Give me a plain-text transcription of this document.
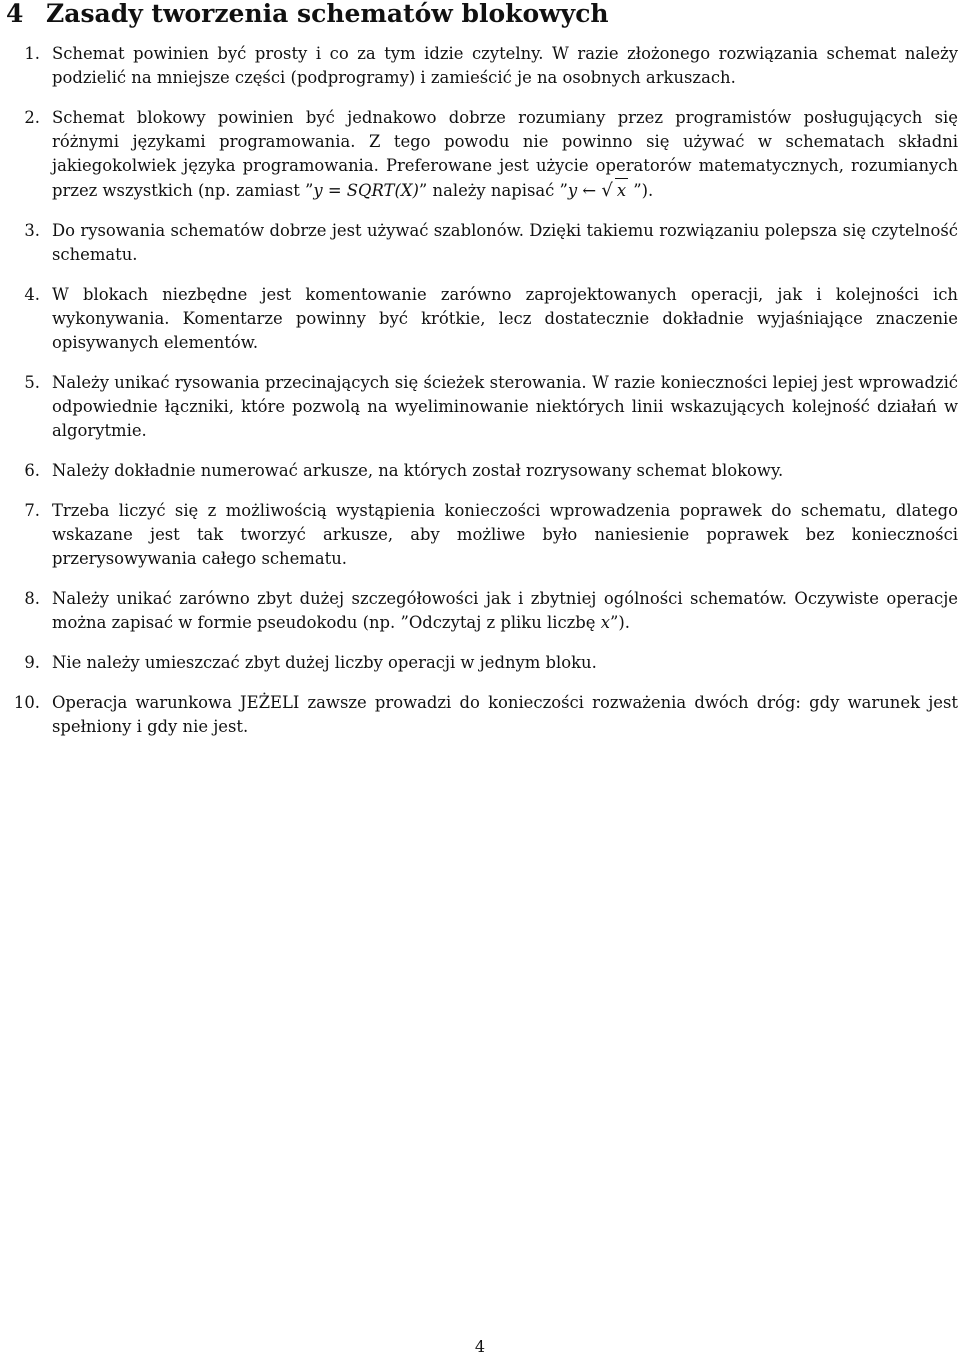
4 Zasady tworzenia schematów blokowych
1. Schemat powinien być prosty i co za tym idzie czytelny. W razie złożonego rozwiązania schemat należy podzielić na mniejsze części (podprogramy) i zamieścić je na osobnych arkuszach.
2. Schemat blokowy powinien być jednakowo dobrze rozumiany przez programistów posługujących się różnymi językami programowania. Z tego powodu nie powinno się używać w schematach składni jakiegokolwiek języka programowania. Preferowane jest użycie operatorów matematycznych, rozumianych przez wszystkich (np. zamiast ”y = SQRT(X)” należy napisać ”y ← √ x ”).
3. Do rysowania schematów dobrze jest używać szablonów. Dzięki takiemu rozwiązaniu polepsza się czytelność schematu.
4. W blokach niezbędne jest komentowanie zarówno zaprojektowanych operacji, jak i kolejności ich wykonywania. Komentarze powinny być krótkie, lecz dostatecznie dokładnie wyjaśniające znaczenie opisywanych elementów.
5. Należy unikać rysowania przecinających się ścieżek sterowania. W razie konieczności lepiej jest wprowadzić odpowiednie łączniki, które pozwolą na wyeliminowanie niektórych linii wskazujących kolejność działań w algorytmie.
6. Należy dokładnie numerować arkusze, na których został rozrysowany schemat blokowy.
7. Trzeba liczyć się z możliwością wystąpienia konieczości wprowadzenia poprawek do schematu, dlatego wskazane jest tak tworzyć arkusze, aby możliwe było naniesienie poprawek bez konieczności przerysowywania całego schematu.
8. Należy unikać zarówno zbyt dużej szczegółowości jak i zbytniej ogólności schematów. Oczywiste operacje można zapisać w formie pseudokodu (np. ”Odczytaj z pliku liczbę x”).
9. Nie należy umieszczać zbyt dużej liczby operacji w jednym bloku.
10. Operacja warunkowa JEŻELI zawsze prowadzi do konieczości rozważenia dwóch dróg: gdy warunek jest spełniony i gdy nie jest.
4
